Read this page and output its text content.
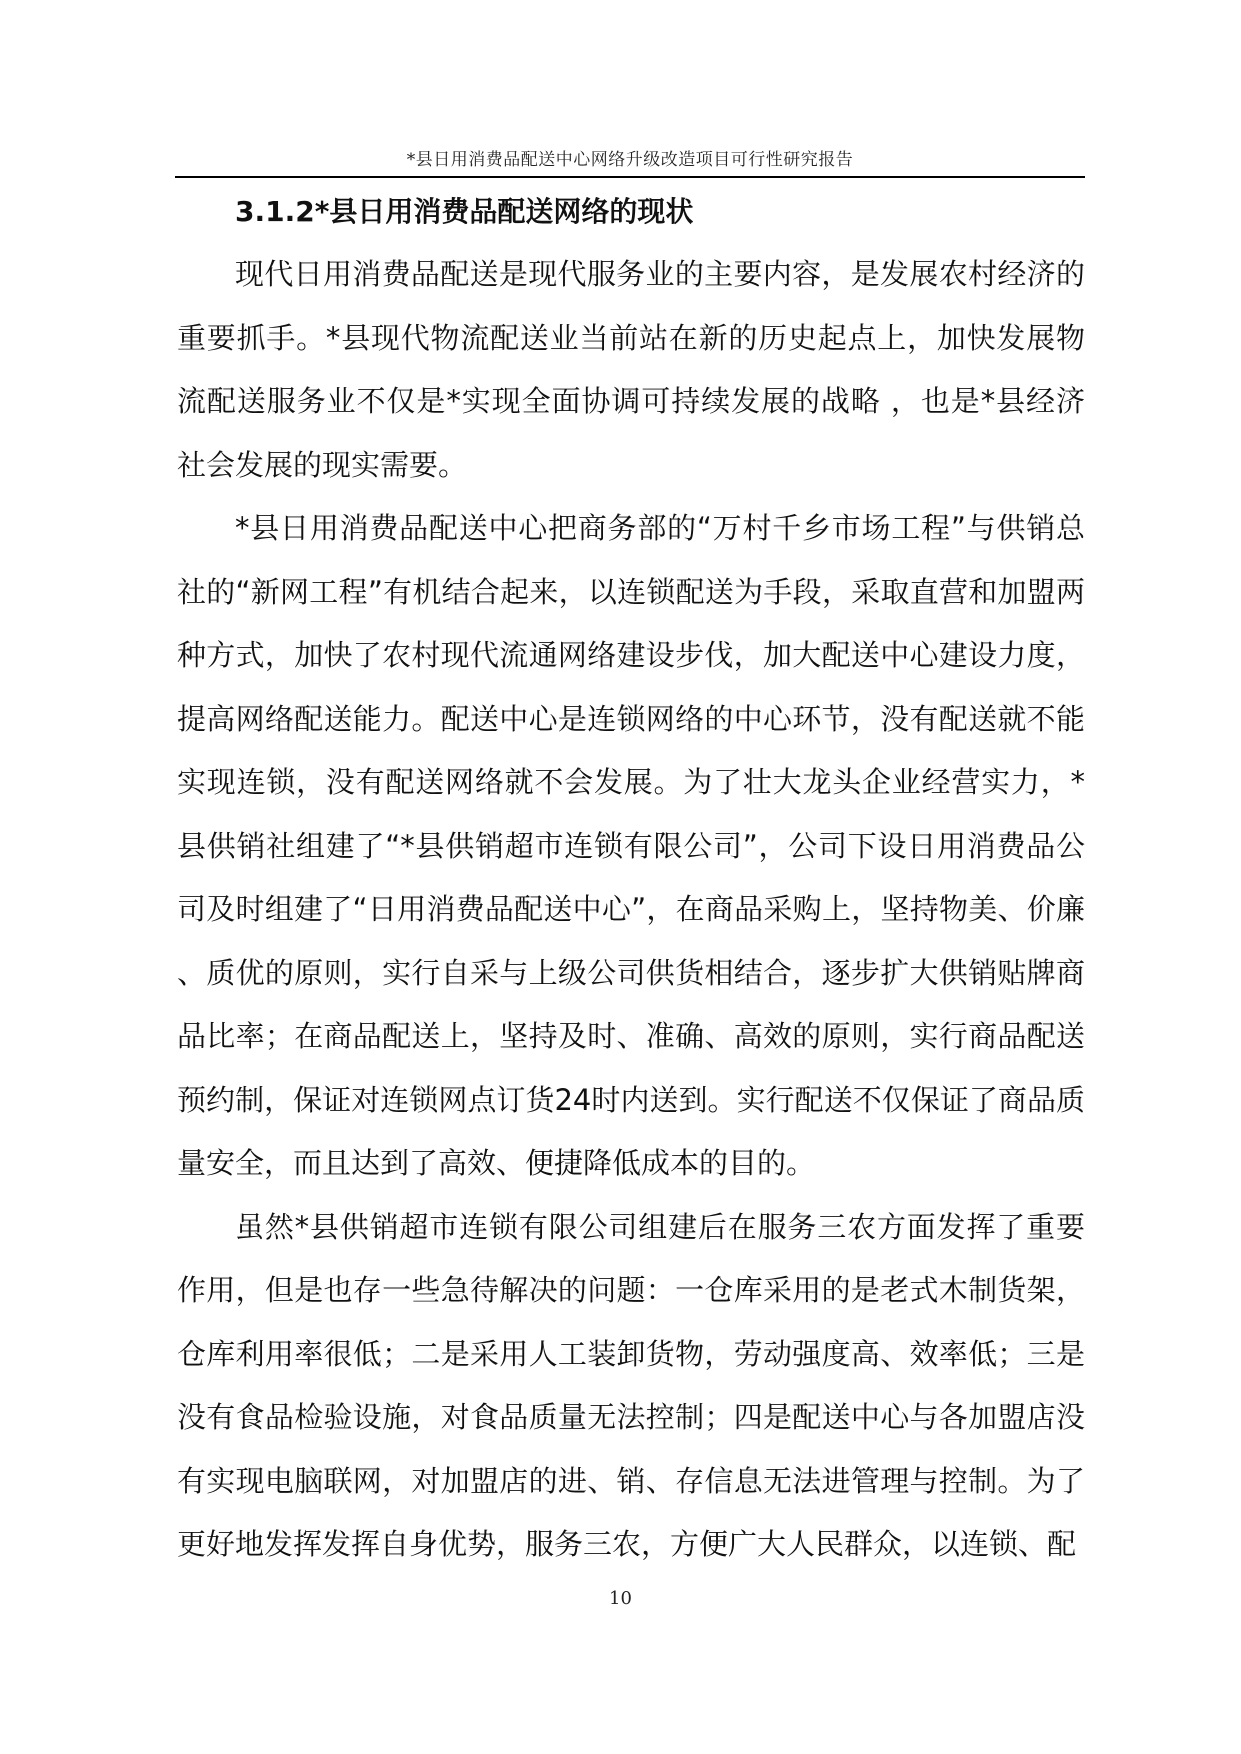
*县日用消费品配送中心网络升级改造项目可行性研究报告
3.1.2*县日用消费品配送网络的现状

现代日用消费品配送是现代服务业的主要内容，是发展农村经济的重要抓手。*县现代物流配送业当前站在新的历史起点上，加快发展物流配送服务业不仅是*实现全面协调可持续发展的战略 ，也是*县经济社会发展的现实需要。

*县日用消费品配送中心把商务部的“万村千乡市场工程”与供销总社的“新网工程”有机结合起来，以连锁配送为手段，采取直营和加盟两种方式，加快了农村现代流通网络建设步伐，加大配送中心建设力度，提高网络配送能力。配送中心是连锁网络的中心环节，没有配送就不能实现连锁，没有配送网络就不会发展。为了壮大龙头企业经营实力，*县供销社组建了“*县供销超市连锁有限公司”，公司下设日用消费品公司及时组建了“日用消费品配送中心”，在商品采购上，坚持物美、价廉、质优的原则，实行自采与上级公司供货相结合，逐步扩大供销贴牌商品比率；在商品配送上，坚持及时、准确、高效的原则，实行商品配送预约制，保证对连锁网点订货24时内送到。实行配送不仅保证了商品质量安全，而且达到了高效、便捷降低成本的目的。

虽然*县供销超市连锁有限公司组建后在服务三农方面发挥了重要作用，但是也存一些急待解决的问题：一仓库采用的是老式木制货架，仓库利用率很低；二是采用人工装卸货物，劳动强度高、效率低；三是没有食品检验设施，对食品质量无法控制；四是配送中心与各加盟店没有实现电脑联网，对加盟店的进、销、存信息无法进管理与控制。为了更好地发挥发挥自身优势，服务三农，方便广大人民群众，以连锁、配

10
